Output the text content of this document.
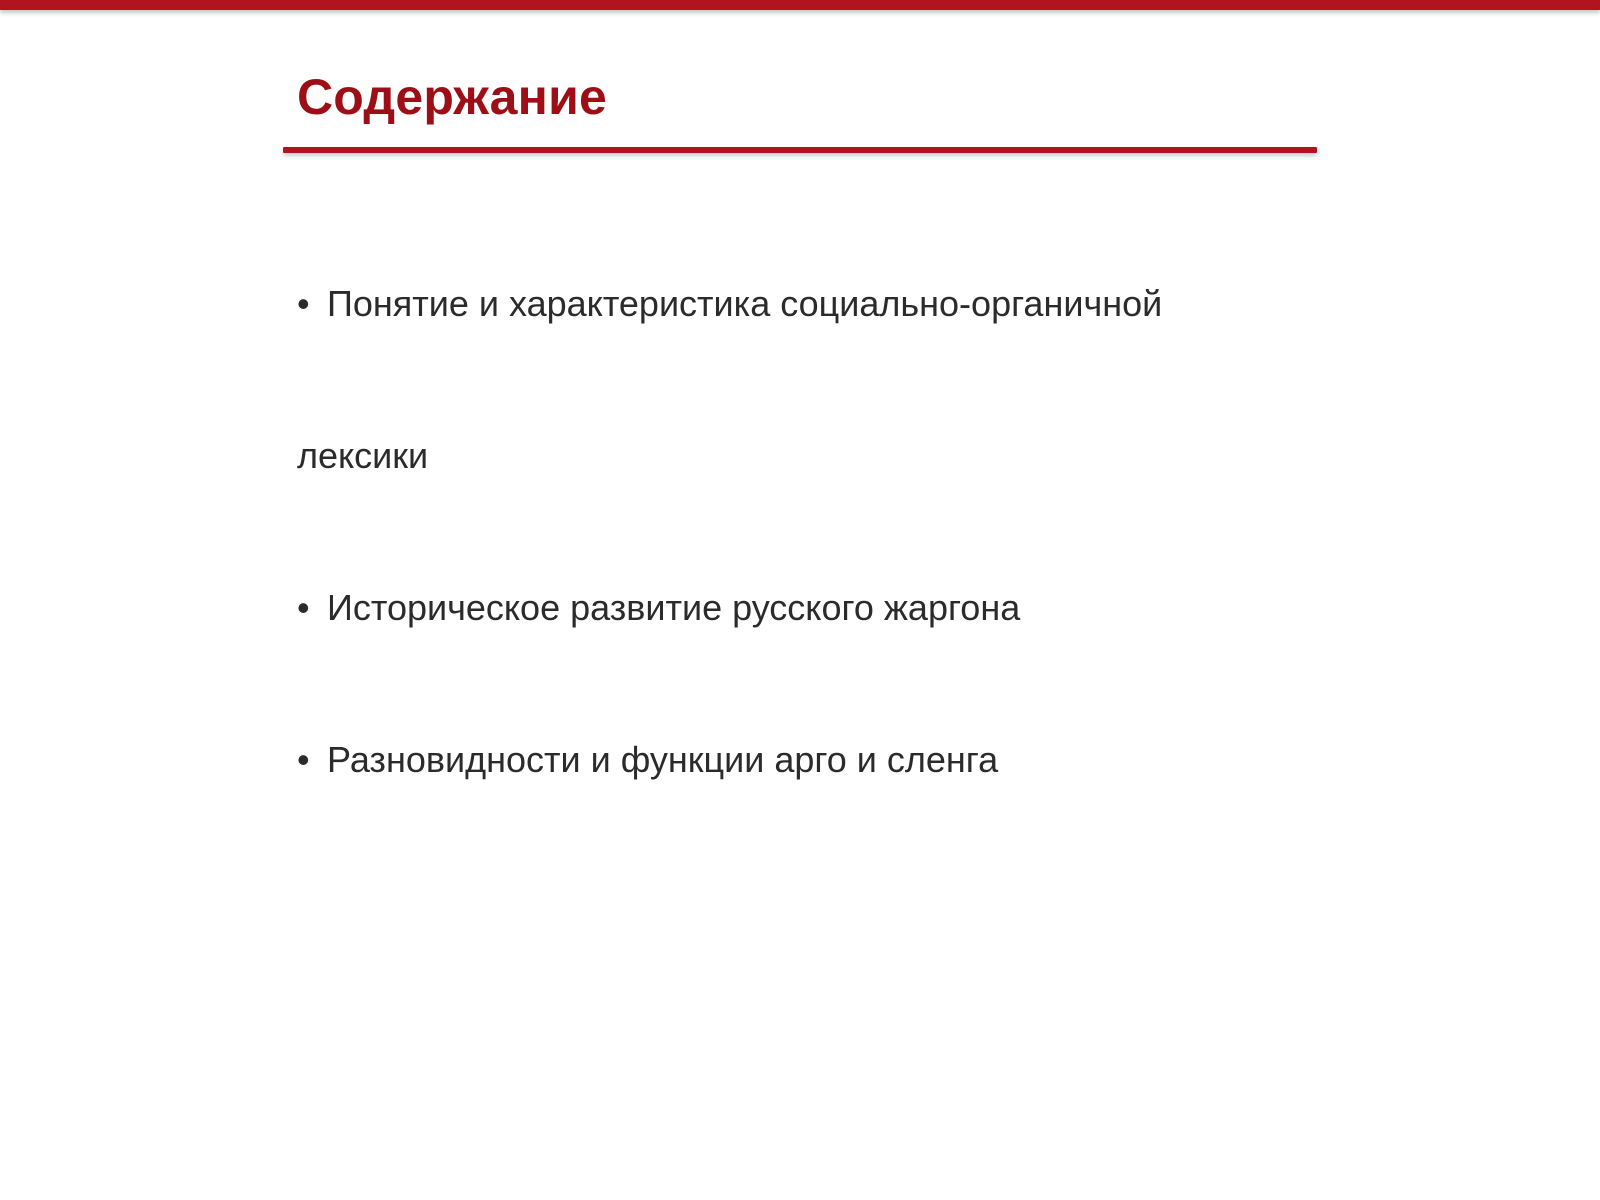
Содержание
• Понятие и характеристика социально-органичной
лексики
• Историческое развитие русского жаргона
• Разновидности и функции арго и сленга
